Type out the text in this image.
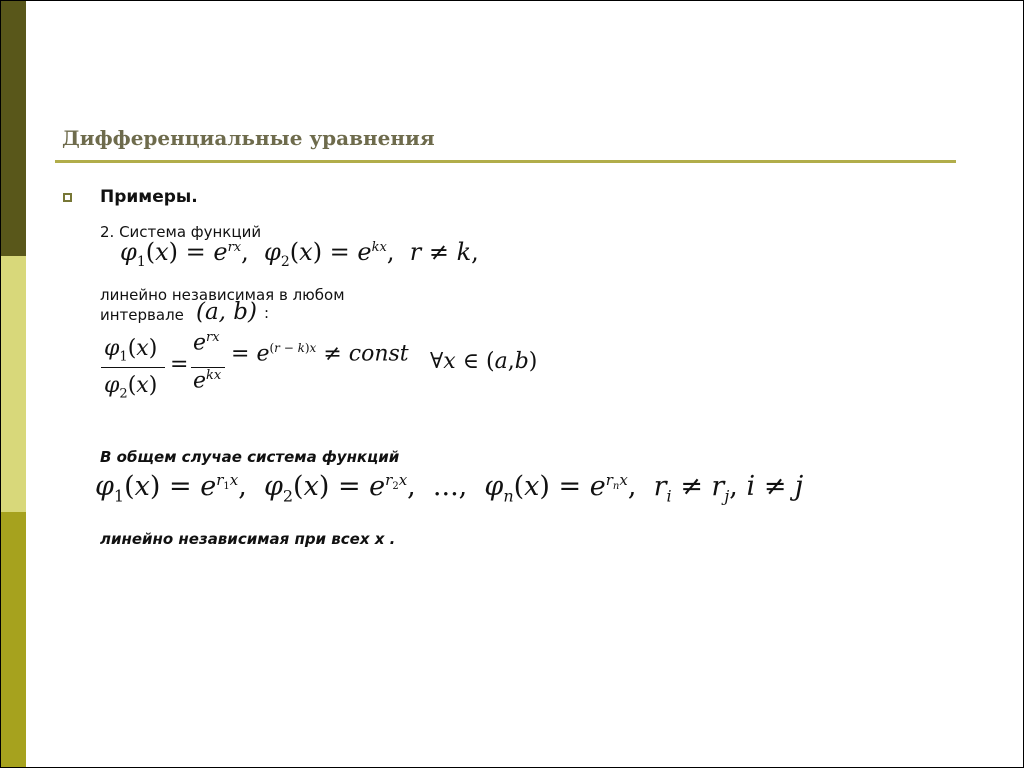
Дифференциальные уравнения
Примеры.
2. Система функций
$\varphi_1(x) = e^{rx}$,  $\varphi_2(x) = e^{kx}$,  r ≠ k,
линейно независимая в любом
интервале (a, b) :
$\varphi_1(x)$
$\varphi_2(x)$
=
$e^{rx}$
$e^{kx}$
= $e^{(r - k)x}$ ≠ const ∀x ∈ (a,b)
В общем случае система функций
$\varphi_1(x) = e^{r_1x}$,  $\varphi_2(x) = e^{r_2x}$,  ...,  $\varphi_n(x) = e^{r_nx}$,  $r_i \ne r_j$, i ≠ j
линейно независимая при всех x .
